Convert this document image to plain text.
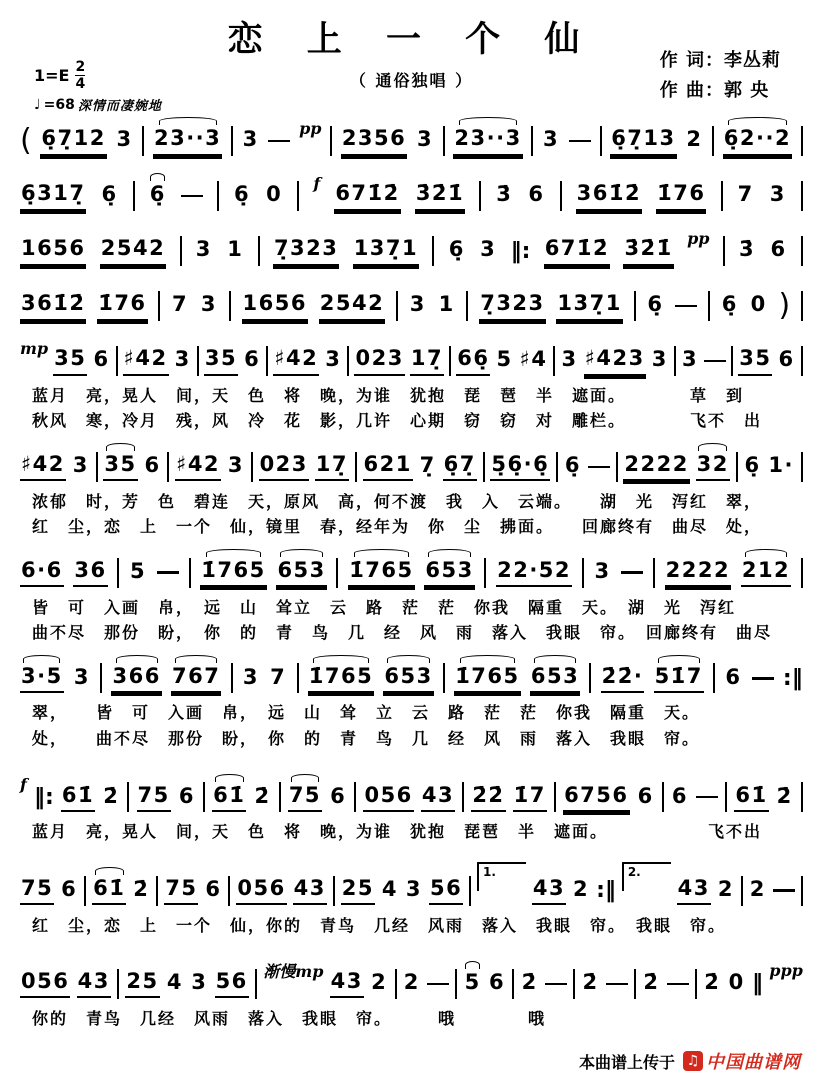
恋 上 一 个 仙
（ 通俗独唱 ）
$1=E \frac{2}{4}$
♩ =68 深情而凄婉地
作 词：李丛莉
作 曲：郭 央
( 6̣7̣12 3 23··3 3	pp 2356 3 23··3 3 6̣7̣13 2 6̣2··2
6̣317̣ 6̣ 6̣	6̣ 0 f 671̇2̇ 3̇2̇1̇ 3̇ 6 361̇2̇ 1̇76 7 3
1656 2542 3 1 7̣323 137̣1 6̣ 3 ‖: 671̇2̇ 3̇2̇1̇ pp 3̇ 6
361̇2̇ 1̇76 7 3 1656 2542 3 1 7̣323 137̣1 6̣	6̣ 0 )
mp 35 6 ♯42 3 35 6 ♯42 3 023 17̣ 66̣ 5 ♯4 3 ♯423 3 3 35 6
蓝月　亮，晃人　间，天　色　将　晚，为谁　犹抱　琵　琶　半　遮面。　　　　草　到
秋风　寒，冷月　残，风　冷　花　影，几许　心期　窃　窃　对　雕栏。　　　　飞不　出
♯42 3 35 6 ♯42 3 023 17̣ 621 7̣ 6̣7̣ 5̣6̣·6̣ 6̣ 2222 32 6̣ 1·
浓郁　时，芳　色　碧连　天，原风　高，何不渡　我　入　云端。　　湖　光　泻红　翠，
红　尘，恋　上　一个　仙，镜里　春，经年为　你　尘　拂面。　　回廊终有　曲尽　处，
6·6 36 5	1̇765 653 1̇765 653 22·52 3	2222 212
皆　可　入画　帛，　远　山　耸立　云　路　茫　茫　你我　隔重　天。　湖　光　泻红
曲不尽　那份　盼，　你　的　青　鸟　几　经　风　雨　落入　我眼　帘。　回廊终有　曲尽
3·5 3 366 767 3 7 1̇765 653 1̇765 653 2̇2̇· 51̇7 6 :‖
翠，　　皆　可　入画　帛，　远　山　耸　立　云　路　茫　茫　你我　隔重　天。
处，　　曲不尽　那份　盼，　你　的　青　鸟　几　经　风　雨　落入　我眼　帘。
f
‖: 61̇ 2̇ 75 6 61̇ 2̇ 75 6 056 43 2̇2̇ 1̇7 6756 6 6 61̇ 2̇
蓝月　亮，晃人　间，天　色　将　晚，为谁　犹抱　琵琶　半　遮面。　　　　　　飞不出
75 6 61̇ 2̇ 75 6 056 43 25 4 3 56
1.
43 2 :‖
2.
43 2 2
红　尘，恋　上　一个　仙，你的　青鸟　几经　风雨　落入　我眼　帘。　我眼　帘。
056 43 25 4 3 56 渐慢mp 43 2 2 5 6 2̇ 2̇ 2̇ 2̇ 0 ‖
ppp
你的　青鸟　几经　风雨　落入　我眼　帘。　　　哦　　　　哦
本曲谱上传于 ♫ 中国曲谱网
